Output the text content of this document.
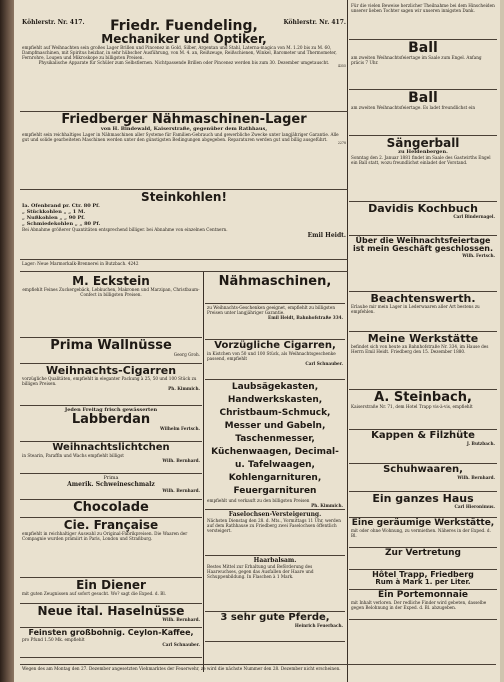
Köhlerstr. Nr. 417. Friedr. Fuendeling,	Köhlerstr. Nr. 417.
Mechaniker und Optiker,
empfiehlt auf Weihnachten sein großes Lager Brillen und Pincenez in Gold, Silber, Argentan und Stahl, Laterna-magica von M. 1.20 bis zu M. 60, Dampfmaschinen, mit Spiritus heizbar, in sehr hübscher Ausführung, von M. 4. an, Reißzeuge, Reißschienen, Winkel, Barometer und Thermometer, Fernrohre, Loupen und Mikroskope zu billigsten Preisen.
Physikalische Apparate für Schüler zum Selbstlernen. Nichtpassende Brillen oder Pincenez werden bis zum 30. Dezember umgetauscht.
4355
Friedberger Nähmaschinen-Lager
von H. Bindewald, Kaiserstraße, gegenüber dem Rathhaus,
empfiehlt sein reichhaltiges Lager in Nähmaschinen aller Systeme für Familien-Gebrauch und gewerbliche Zwecke unter langjähriger Garantie. Alle gut und solide gearbeiteten Maschinen werden unter den günstigsten Bedingungen abgegeben. Reparaturen werden gut und billig ausgeführt.
2278
Steinkohlen!
Ia. Ofenbrand pr. Ctr. 80 Pf.
„ Stückkohlen „ „ 1 M.
„ Nußkohlen „ „ 90 Pf.
„ Schmiedekohlen „ „ 80 Pf.
Bei Abnahme größerer Quantitäten entsprechend billiger. bei Abnahme von einzelnen Centnern.
Emil Heidt.
Lager: Neue Marmorkalk-Brennerei in Butzbach. 4242
M. Eckstein
empfiehlt Feines Zuckergebäck, Lebkuchen, Makronen und Marzipan, Christbaum-Confect in billigsten Preisen.
Prima Wallnüsse
Georg Groh.
Weihnachts-Cigarren
vorzügliche Qualitäten, empfiehlt in eleganter Packung à 25, 50 und 100 Stück zu billigen Preisen.
Ph. Kimmich.
Jeden Freitag frisch gewässerten
Labberdan
Wilhelm Fertsch.
Weihnachtslichtchen
in Stearin, Paraffin und Wachs empfiehlt billigst
Wilh. Bernhard.
Prima
Amerik. Schweineschmalz
Wilh. Bernhard.
Chocolade
Cie. Française
empfiehlt in reichhaltiger Auswahl zu Original-Fabrikpreisen. Die Waaren der Compagnie wurden prämiirt in Paris, London und Straßburg.
Ein Diener
mit guten Zeugnissen auf sofort gesucht. Wo? sagt die Exped. d. Bl.
Neue ital. Haselnüsse
Wilh. Bernhard.
Feinsten großbohnig. Ceylon-Kaffee,
pro Pfund 1.50 Mk. empfiehlt
Carl Schnauber.
Nähmaschinen,
zu Weihnachts-Geschenken geeignet, empfiehlt zu billigsten Preisen unter langjähriger Garantie.
Emil Heidt, Bahnhofstraße 334.
Vorzügliche Cigarren,
in Kistchen von 50 und 100 Stück, als Weihnachtsgeschenke passend, empfiehlt
Carl Schnauber.
Laubsägekasten, Handwerkskasten, Christbaum-Schmuck, Messer und Gabeln, Taschenmesser, Küchenwaagen, Decimal- u. Tafelwaagen, Kohlengarnituren, Feuergarnituren
empfiehlt und verkauft zu den billigsten Preisen
Ph. Kimmich.
Faselochsen-Versteigerung.
Nächsten Dienstag den 28. d. Mts., Vormittags 11 Uhr, werden auf dem Rathhause zu Friedberg zwei Faselochsen öffentlich versteigert.
Haarbalsam.
Bestes Mittel zur Erhaltung und Beförderung des Haarwuchses, gegen das Ausfallen der Haare und Schuppenbildung. In Flaschen à 1 Mark.
3 sehr gute Pferde,
Heinrich Feuerbach.
Für die vielen Beweise herzlicher Theilnahme bei dem Hinscheiden unserer lieben Tochter sagen wir unseren innigsten Dank.
Ball
am zweiten Weihnachtsfeiertage im Saale zum Engel. Anfang präcis 7 Uhr.
Ball
am zweiten Weihnachtsfeiertage. Es ladet freundlichst ein
Sängerball
zu Heldenbergen.
Sonntag den 2. Januar 1881 findet im Saale des Gastwirths Engel ein Ball statt, wozu freundlichst einladet der Vorstand.
Davidis Kochbuch
Carl Bindernagel.
Über die Weihnachtsfeiertage ist mein Geschäft geschlossen.
Wilh. Fertsch.
Beachtenswerth.
Erlaube mir mein Lager in Lederwaaren aller Art bestens zu empfehlen.
Meine Werkstätte
befindet sich von heute an Bahnhofstraße Nr. 334, im Hause des Herrn Emil Heidt. Friedberg den 15. Dezember 1880.
A. Steinbach,
Kaiserstraße Nr. 71, dem Hotel Trapp vis-à-vis, empfiehlt
Kappen & Filzhüte
J. Butzbach.
Schuhwaaren,
Wilh. Bernhard.
Ein ganzes Haus
Carl Hieronimus.
Eine geräumige Werkstätte,
mit oder ohne Wohnung, zu vermiethen. Näheres in der Exped. d. Bl.
Zur Vertretung
Hôtel Trapp, Friedberg
Rum à Mark 1. per Liter.
Ein Portemonnaie
mit Inhalt verloren. Der redliche Finder wird gebeten, dasselbe gegen Belohnung in der Exped. d. Bl. abzugeben.
Wegen des am Montag den 27. Dezember angesetzten Viehmarktes der Feuerwehr, ze wird die nächste Nummer den 28. Dezember nicht erscheinen.
